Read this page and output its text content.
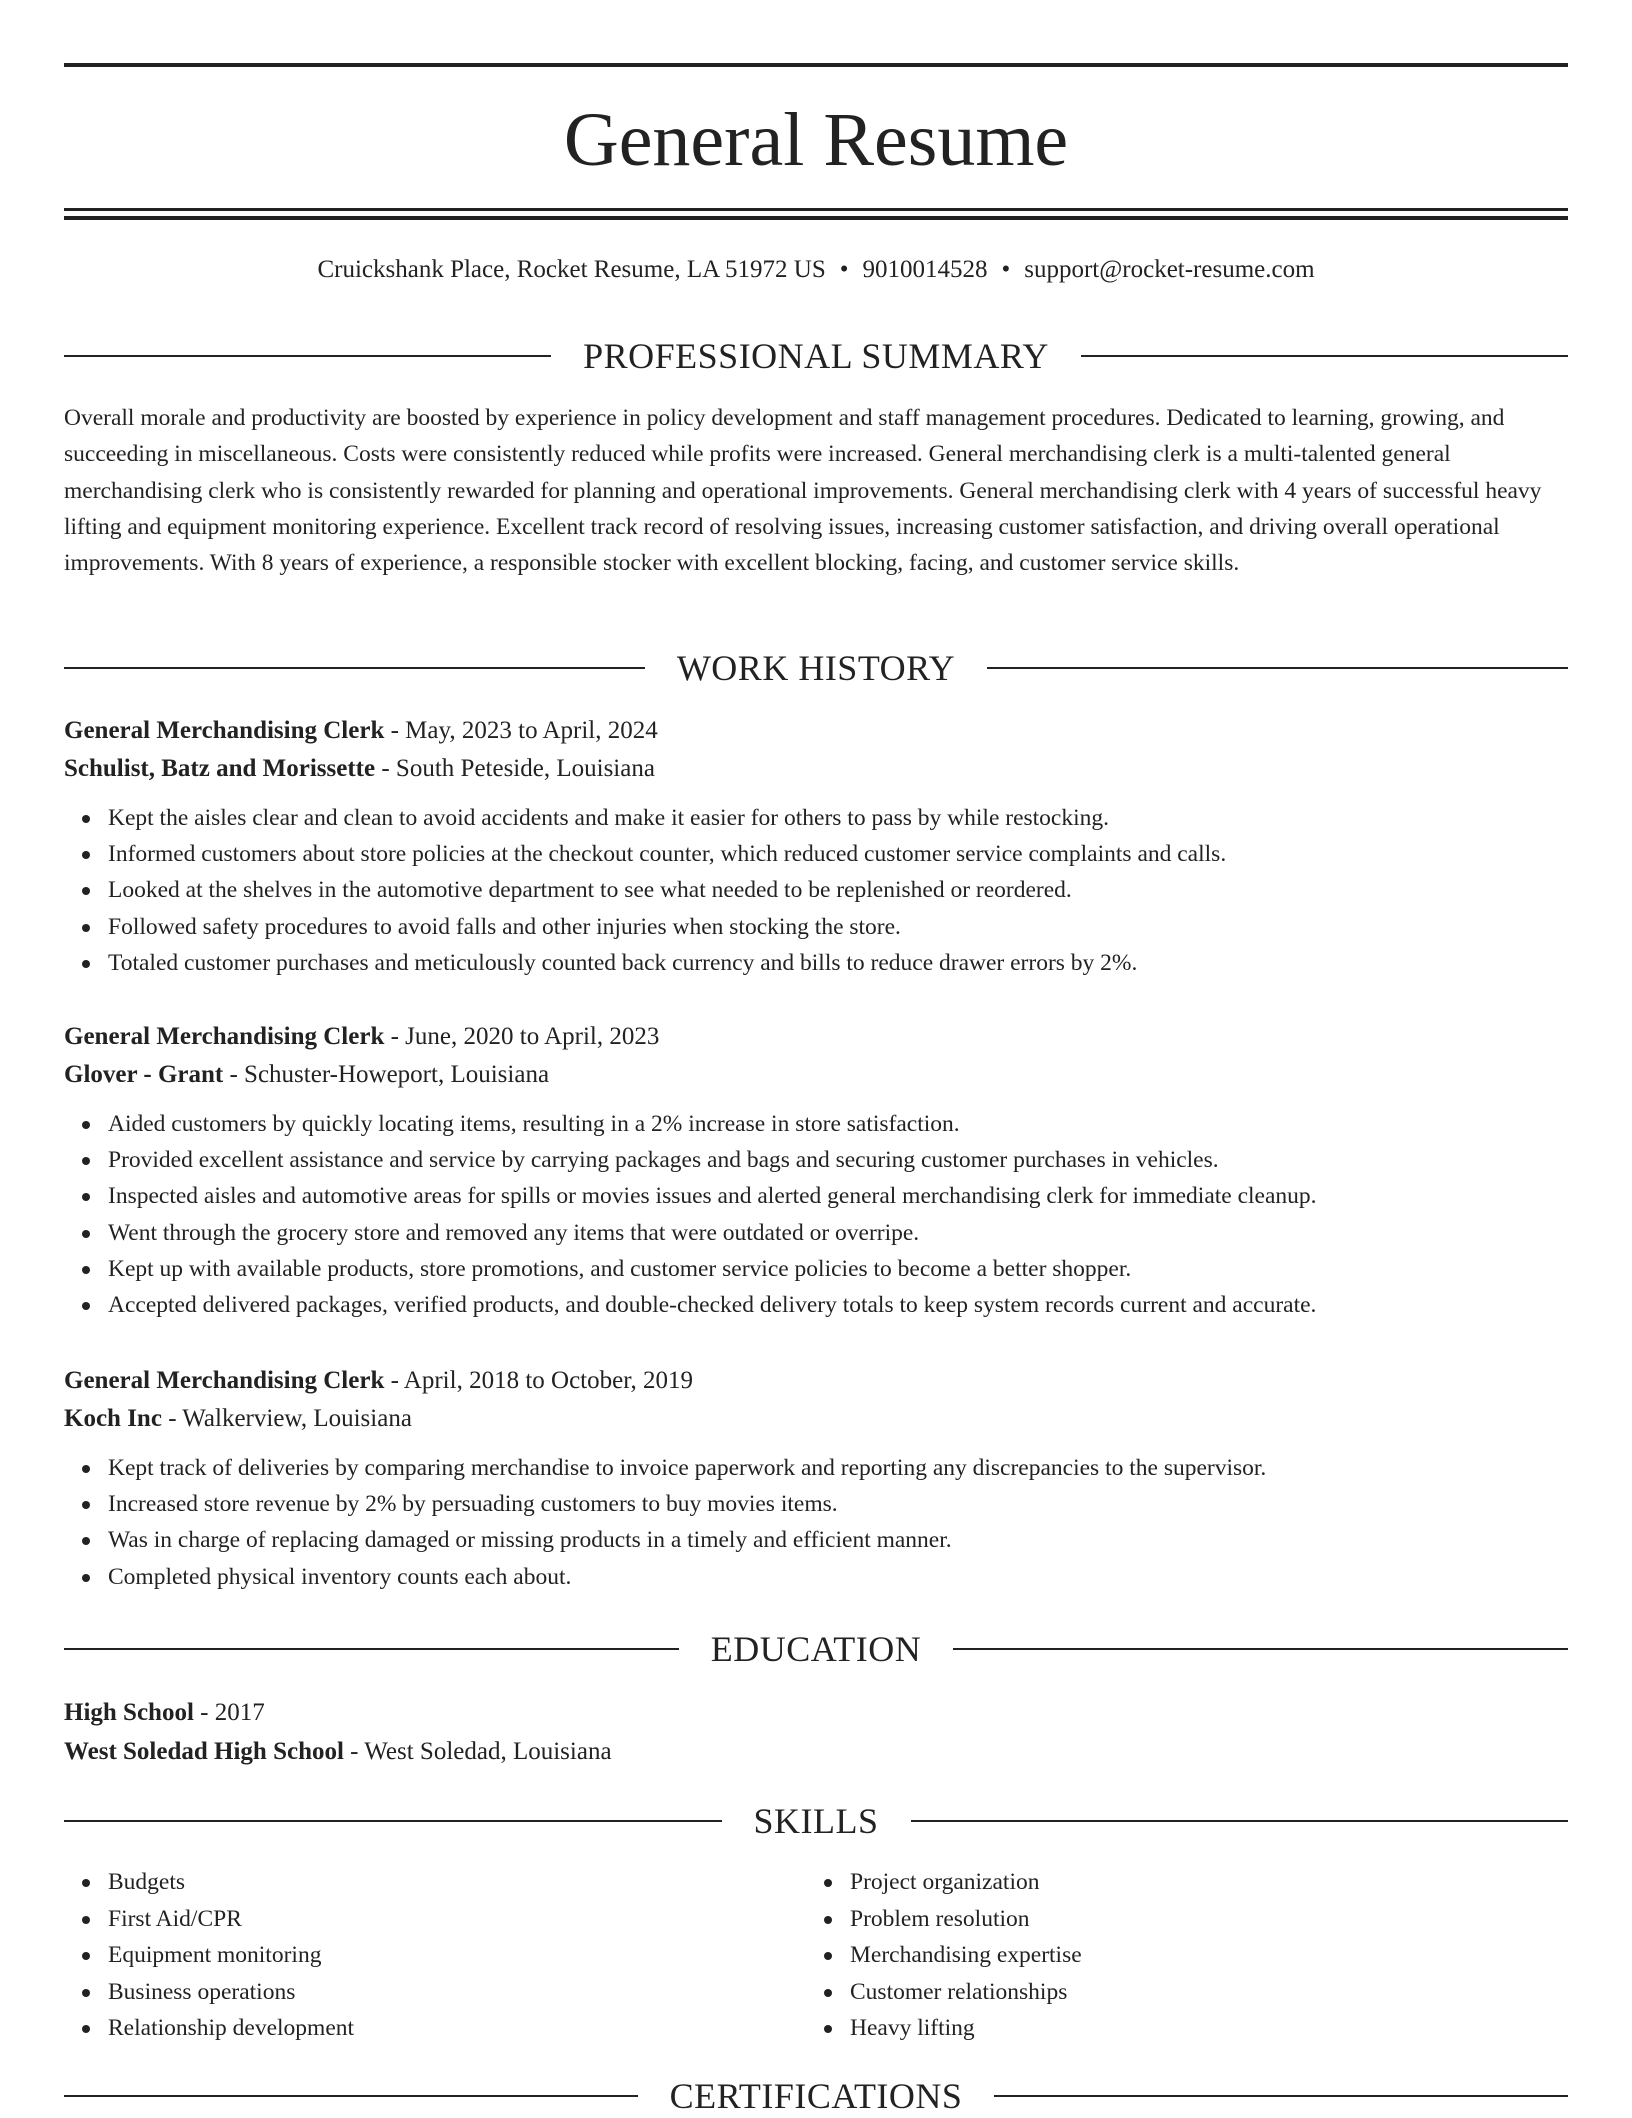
General Resume
Cruickshank Place, Rocket Resume, LA 51972 US • 9010014528 • support@rocket-resume.com
PROFESSIONAL SUMMARY

Overall morale and productivity are boosted by experience in policy development and staff management procedures. Dedicated to learning, growing, and succeeding in miscellaneous. Costs were consistently reduced while profits were increased. General merchandising clerk is a multi-talented general merchandising clerk who is consistently rewarded for planning and operational improvements. General merchandising clerk with 4 years of successful heavy lifting and equipment monitoring experience. Excellent track record of resolving issues, increasing customer satisfaction, and driving overall operational improvements. With 8 years of experience, a responsible stocker with excellent blocking, facing, and customer service skills.

WORK HISTORY
General Merchandising Clerk - May, 2023 to April, 2024
Schulist, Batz and Morissette - South Peteside, Louisiana
Kept the aisles clear and clean to avoid accidents and make it easier for others to pass by while restocking.
Informed customers about store policies at the checkout counter, which reduced customer service complaints and calls.
Looked at the shelves in the automotive department to see what needed to be replenished or reordered.
Followed safety procedures to avoid falls and other injuries when stocking the store.
Totaled customer purchases and meticulously counted back currency and bills to reduce drawer errors by 2%.
General Merchandising Clerk - June, 2020 to April, 2023
Glover - Grant - Schuster-Howeport, Louisiana
Aided customers by quickly locating items, resulting in a 2% increase in store satisfaction.
Provided excellent assistance and service by carrying packages and bags and securing customer purchases in vehicles.
Inspected aisles and automotive areas for spills or movies issues and alerted general merchandising clerk for immediate cleanup.
Went through the grocery store and removed any items that were outdated or overripe.
Kept up with available products, store promotions, and customer service policies to become a better shopper.
Accepted delivered packages, verified products, and double-checked delivery totals to keep system records current and accurate.
General Merchandising Clerk - April, 2018 to October, 2019
Koch Inc - Walkerview, Louisiana
Kept track of deliveries by comparing merchandise to invoice paperwork and reporting any discrepancies to the supervisor.
Increased store revenue by 2% by persuading customers to buy movies items.
Was in charge of replacing damaged or missing products in a timely and efficient manner.
Completed physical inventory counts each about.
EDUCATION
High School - 2017
West Soledad High School - West Soledad, Louisiana
SKILLS
Budgets
First Aid/CPR
Equipment monitoring
Business operations
Relationship development
Project organization
Problem resolution
Merchandising expertise
Customer relationships
Heavy lifting
CERTIFICATIONS
